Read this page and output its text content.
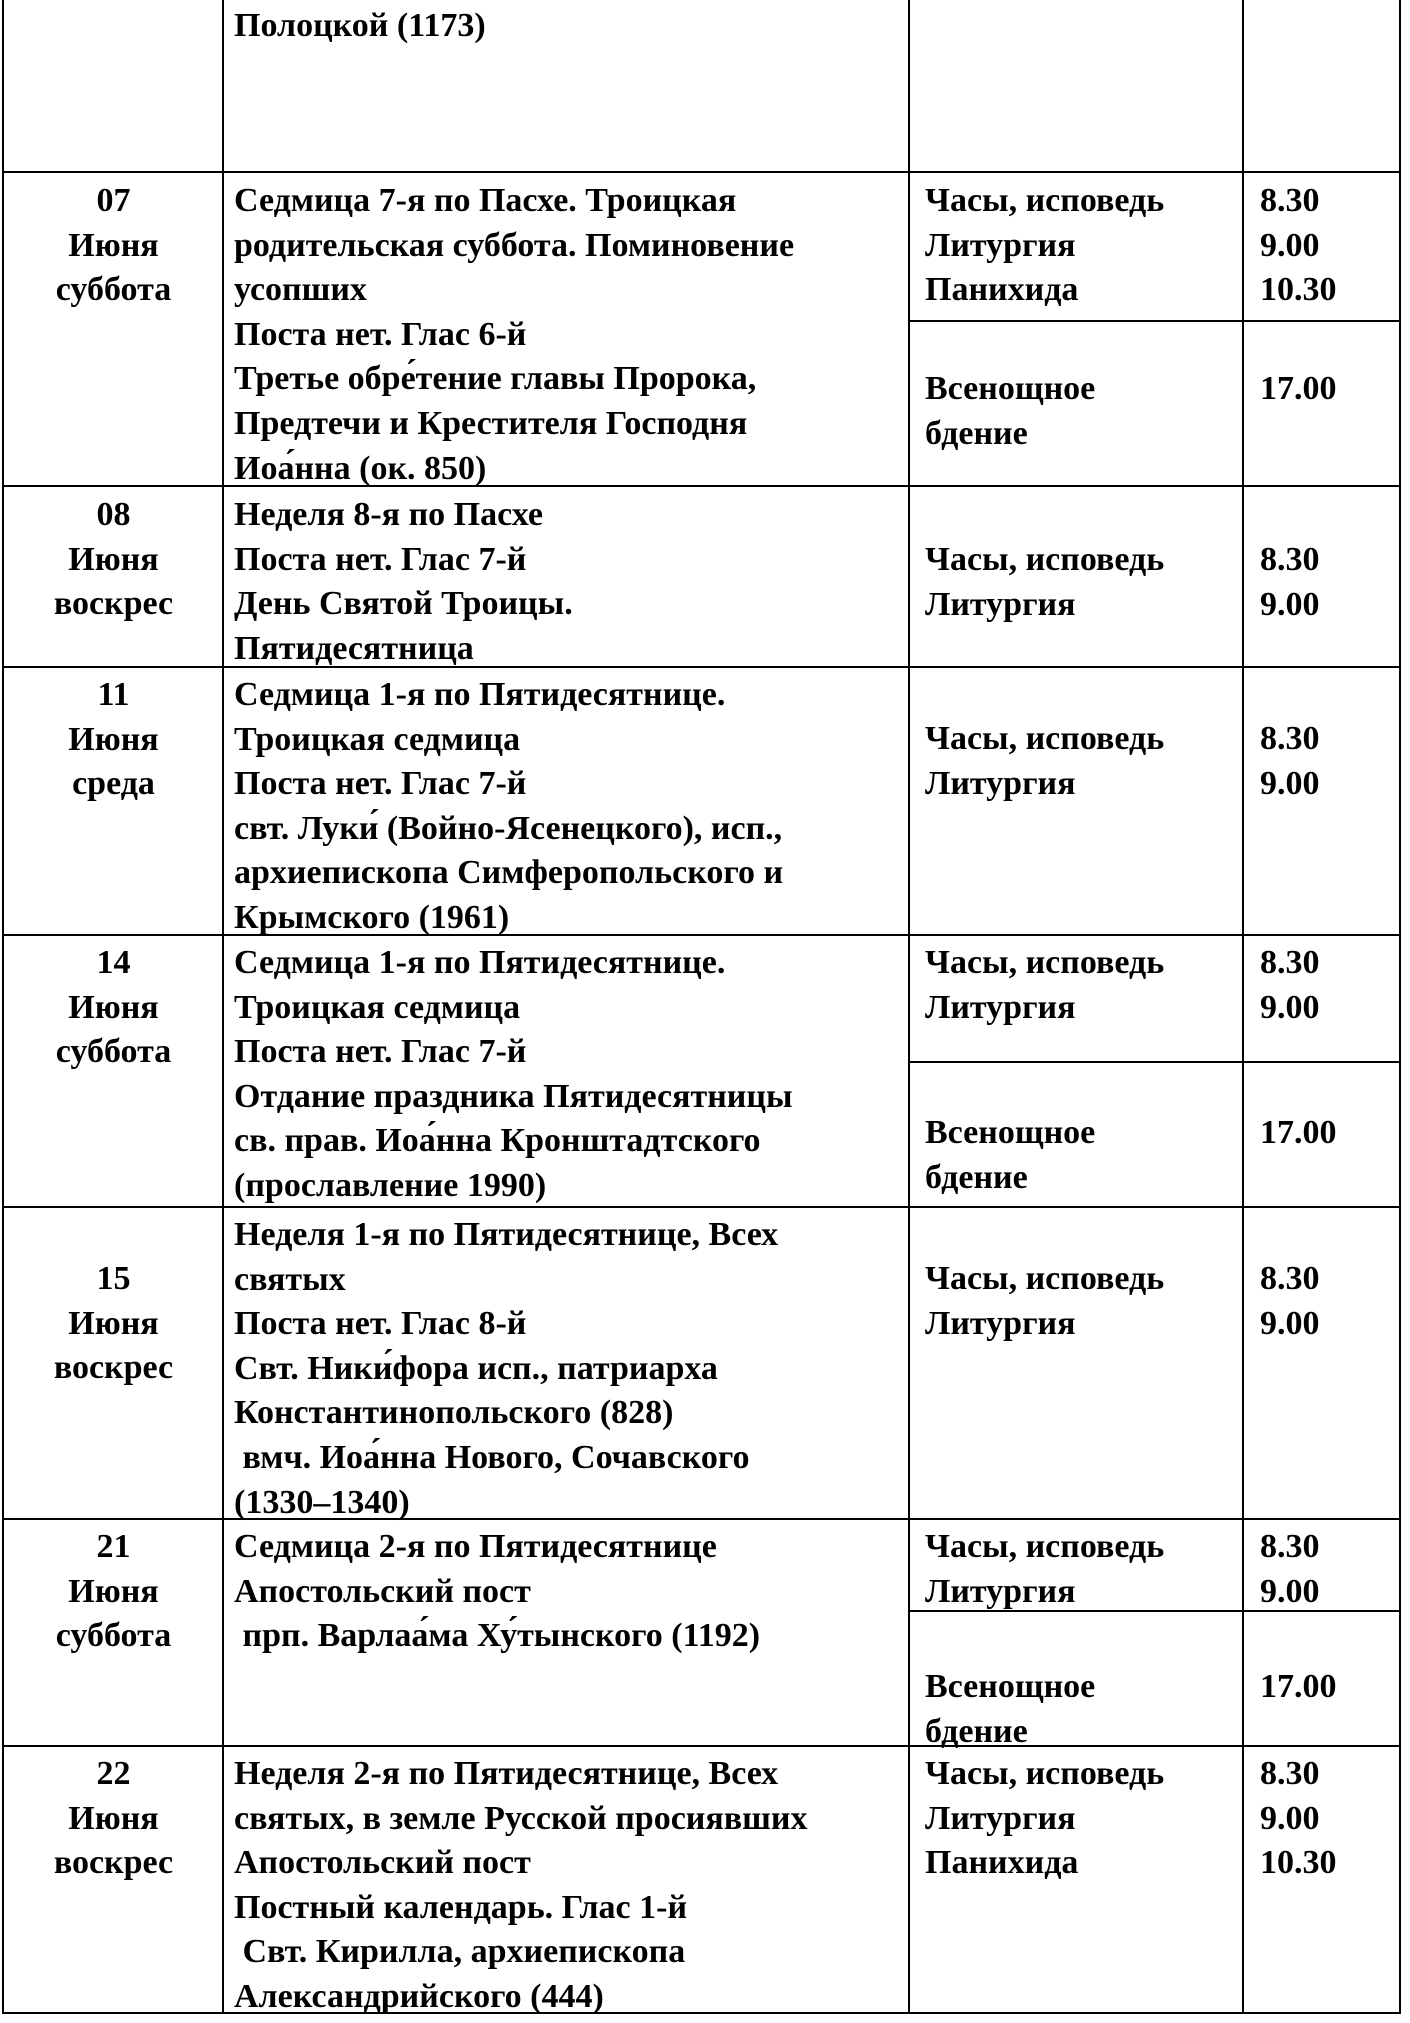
Полоцкой (1173)
07
Июня
суббота
Седмица 7-я по Пасхе. Троицкая
родительская суббота. Поминовение
усопших
Поста нет. Глас 6-й
Третье обре́тение главы Пророка,
Предтечи и Крестителя Господня
Иоа́нна (ок. 850)
Часы, исповедь
Литургия
Панихида
8.30
9.00
10.30
Всенощное
бдение
17.00
08
Июня
воскрес
Неделя 8-я по Пасхе
Поста нет. Глас 7-й
День Святой Троицы.
Пятидесятница
Часы, исповедь
Литургия
8.30
9.00
11
Июня
среда
Седмица 1-я по Пятидесятнице.
Троицкая седмица
Поста нет. Глас 7-й
свт. Луки́ (Войно-Ясенецкого), исп.,
архиепископа Симферопольского и
Крымского (1961)
Часы, исповедь
Литургия
8.30
9.00
14
Июня
суббота
Седмица 1-я по Пятидесятнице.
Троицкая седмица
Поста нет. Глас 7-й
Отдание праздника Пятидесятницы
св. прав. Иоа́нна Кронштадтского
(прославление 1990)
Часы, исповедь
Литургия
8.30
9.00
Всенощное
бдение
17.00
15
Июня
воскрес
Неделя 1-я по Пятидесятнице, Всех
святых
Поста нет. Глас 8-й
Свт. Ники́фора исп., патриарха
Константинопольского (828)
вмч. Иоа́нна Нового, Сочавского
(1330–1340)
Часы, исповедь
Литургия
8.30
9.00
21
Июня
суббота
Седмица 2-я по Пятидесятнице
Апостольский пост
прп. Варлаа́ма Ху́тынского (1192)
Часы, исповедь
Литургия
8.30
9.00
Всенощное
бдение
17.00
22
Июня
воскрес
Неделя 2-я по Пятидесятнице, Всех
святых, в земле Русской просиявших
Апостольский пост
Постный календарь. Глас 1-й
Свт. Кирилла, архиепископа
Александрийского (444)
Часы, исповедь
Литургия
Панихида
8.30
9.00
10.30
